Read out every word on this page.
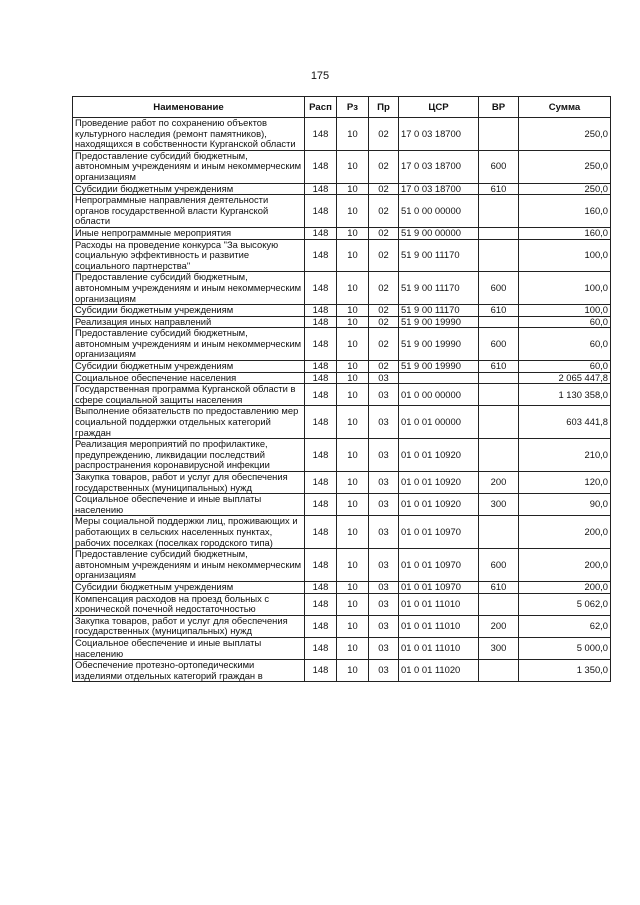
175
Наименование	Расп	Рз	Пр	ЦСР	ВР	Сумма
Проведение работ по сохранению объектов культурного наследия (ремонт памятников), находящихся в собственности Курганской области	148	10	02	17 0 03 18700		250,0
Предоставление субсидий бюджетным, автономным учреждениям и иным некоммерческим организациям	148	10	02	17 0 03 18700	600	250,0
Субсидии бюджетным учреждениям	148	10	02	17 0 03 18700	610	250,0
Непрограммные направления деятельности органов государственной власти Курганской области	148	10	02	51 0 00 00000		160,0
Иные непрограммные мероприятия	148	10	02	51 9 00 00000		160,0
Расходы на проведение конкурса "За высокую социальную эффективность и развитие социального партнерства"	148	10	02	51 9 00 11170		100,0
Предоставление субсидий бюджетным, автономным учреждениям и иным некоммерческим организациям	148	10	02	51 9 00 11170	600	100,0
Субсидии бюджетным учреждениям	148	10	02	51 9 00 11170	610	100,0
Реализация иных направлений	148	10	02	51 9 00 19990		60,0
Предоставление субсидий бюджетным, автономным учреждениям и иным некоммерческим организациям	148	10	02	51 9 00 19990	600	60,0
Субсидии бюджетным учреждениям	148	10	02	51 9 00 19990	610	60,0
Социальное обеспечение населения	148	10	03			2 065 447,8
Государственная программа Курганской области в сфере социальной защиты населения	148	10	03	01 0 00 00000		1 130 358,0
Выполнение обязательств по предоставлению мер социальной поддержки отдельных категорий граждан	148	10	03	01 0 01 00000		603 441,8
Реализация мероприятий по профилактике, предупреждению, ликвидации последствий распространения коронавирусной инфекции	148	10	03	01 0 01 10920		210,0
Закупка товаров, работ и услуг для обеспечения государственных (муниципальных) нужд	148	10	03	01 0 01 10920	200	120,0
Социальное обеспечение и иные выплаты населению	148	10	03	01 0 01 10920	300	90,0
Меры социальной поддержки лиц, проживающих и работающих в сельских населенных пунктах, рабочих поселках (поселках городского типа)	148	10	03	01 0 01 10970		200,0
Предоставление субсидий бюджетным, автономным учреждениям и иным некоммерческим организациям	148	10	03	01 0 01 10970	600	200,0
Субсидии бюджетным учреждениям	148	10	03	01 0 01 10970	610	200,0
Компенсация расходов на проезд больных с хронической почечной недостаточностью	148	10	03	01 0 01 11010		5 062,0
Закупка товаров, работ и услуг для обеспечения государственных (муниципальных) нужд	148	10	03	01 0 01 11010	200	62,0
Социальное обеспечение и иные выплаты населению	148	10	03	01 0 01 11010	300	5 000,0
Обеспечение протезно-ортопедическими изделиями отдельных категорий граждан в	148	10	03	01 0 01 11020		1 350,0
